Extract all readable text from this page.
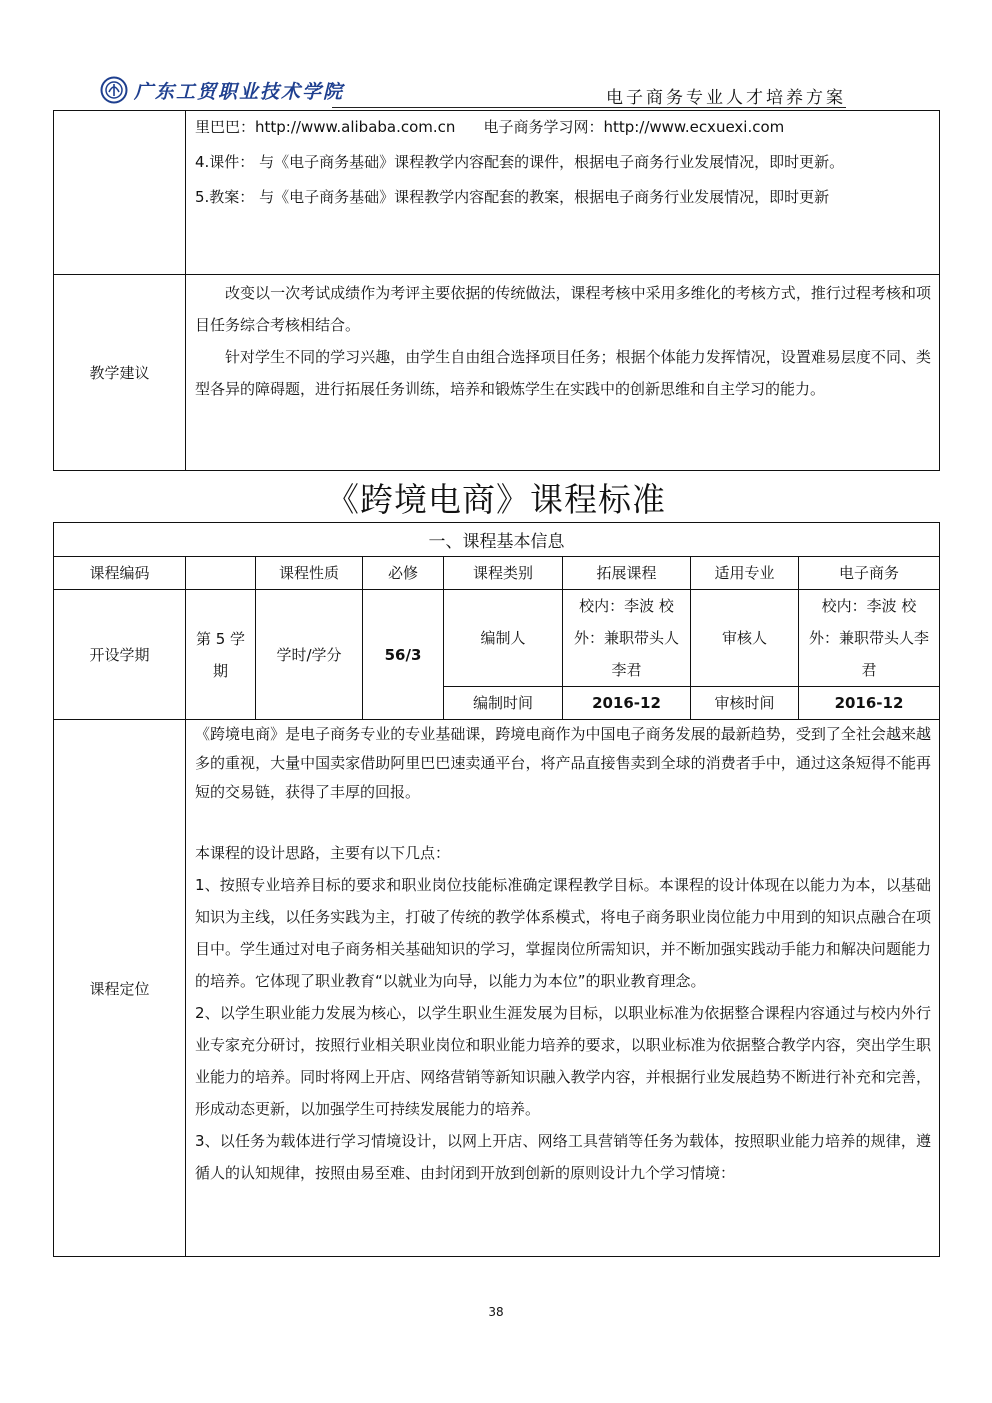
广东工贸职业技术学院	电子商务专业人才培养方案

	里巴巴：http://www.alibaba.com.cn 电子商务学习网：http://www.ecxuexi.com

4.课件： 与《电子商务基础》课程教学内容配套的课件，根据电子商务行业发展情况，即时更新。

5.教案： 与《电子商务基础》课程教学内容配套的教案，根据电子商务行业发展情况，即时更新

教学建议	改变以一次考试成绩作为考评主要依据的传统做法，课程考核中采用多维化的考核方式，推行过程考核和项目任务综合考核相结合。

针对学生不同的学习兴趣，由学生自由组合选择项目任务；根据个体能力发挥情况，设置难易层度不同、类型各异的障碍题，进行拓展任务训练，培养和锻炼学生在实践中的创新思维和自主学习的能力。

《跨境电商》课程标准
一、课程基本信息							
课程编码		课程性质	必修	课程类别	拓展课程	适用专业	电子商务
开设学期	第 5 学期	学时/学分	56/3	编制人	校内：李波 校外：兼职带头人李君	审核人	校内：李波 校外：兼职带头人李君
				编制时间	2016-12	审核时间	2016-12
课程定位	《跨境电商》是电子商务专业的专业基础课，跨境电商作为中国电子商务发展的最新趋势，受到了全社会越来越多的重视，大量中国卖家借助阿里巴巴速卖通平台，将产品直接售卖到全球的消费者手中，通过这条短得不能再短的交易链，获得了丰厚的回报。

本课程的设计思路，主要有以下几点：

1、按照专业培养目标的要求和职业岗位技能标准确定课程教学目标。本课程的设计体现在以能力为本，以基础知识为主线，以任务实践为主，打破了传统的教学体系模式，将电子商务职业岗位能力中用到的知识点融合在项目中。学生通过对电子商务相关基础知识的学习，掌握岗位所需知识，并不断加强实践动手能力和解决问题能力的培养。它体现了职业教育“以就业为向导，以能力为本位”的职业教育理念。

2、以学生职业能力发展为核心，以学生职业生涯发展为目标，以职业标准为依据整合课程内容通过与校内外行业专家充分研讨，按照行业相关职业岗位和职业能力培养的要求，以职业标准为依据整合教学内容，突出学生职业能力的培养。同时将网上开店、网络营销等新知识融入教学内容，并根据行业发展趋势不断进行补充和完善，形成动态更新，以加强学生可持续发展能力的培养。

3、以任务为载体进行学习情境设计，以网上开店、网络工具营销等任务为载体，按照职业能力培养的规律，遵循人的认知规律，按照由易至难、由封闭到开放到创新的原则设计九个学习情境：						

38
